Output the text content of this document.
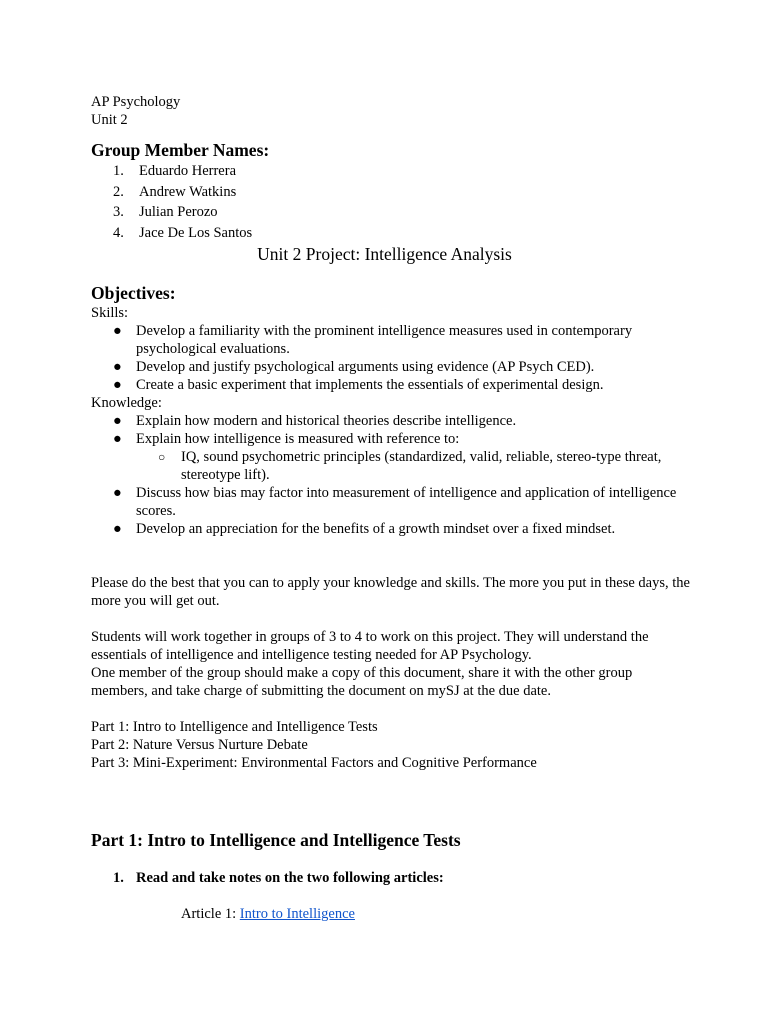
AP Psychology
Unit 2
Group Member Names:
1. Eduardo Herrera
2. Andrew Watkins
3. Julian Perozo
4. Jace De Los Santos
Unit 2 Project: Intelligence Analysis
Objectives:
Skills:
● Develop a familiarity with the prominent intelligence measures used in contemporary psychological evaluations.
● Develop and justify psychological arguments using evidence (AP Psych CED).
● Create a basic experiment that implements the essentials of experimental design.
Knowledge:
● Explain how modern and historical theories describe intelligence.
● Explain how intelligence is measured with reference to:
○ IQ, sound psychometric principles (standardized, valid, reliable, stereo-type threat, stereotype lift).
● Discuss how bias may factor into measurement of intelligence and application of intelligence scores.
● Develop an appreciation for the benefits of a growth mindset over a fixed mindset.
Please do the best that you can to apply your knowledge and skills. The more you put in these days, the more you will get out.
Students will work together in groups of 3 to 4 to work on this project. They will understand the essentials of intelligence and intelligence testing needed for AP Psychology.
One member of the group should make a copy of this document, share it with the other group members, and take charge of submitting the document on mySJ at the due date.
Part 1: Intro to Intelligence and Intelligence Tests
Part 2: Nature Versus Nurture Debate
Part 3: Mini-Experiment: Environmental Factors and Cognitive Performance
Part 1: Intro to Intelligence and Intelligence Tests
1. Read and take notes on the two following articles:
Article 1: Intro to Intelligence
